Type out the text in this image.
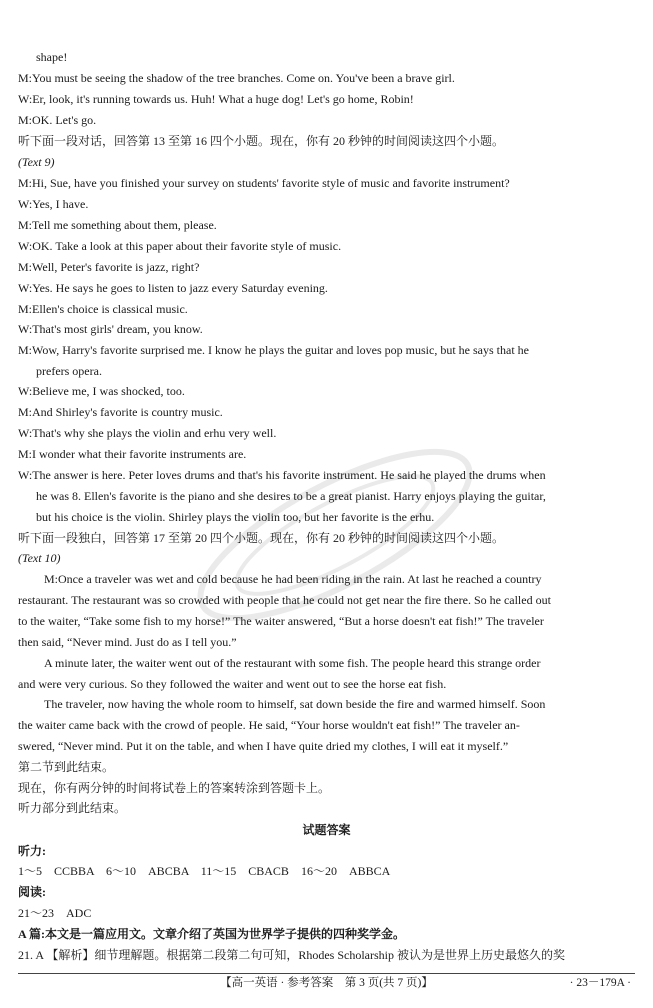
shape!
M:You must be seeing the shadow of the tree branches. Come on. You've been a brave girl.
W:Er, look, it's running towards us. Huh! What a huge dog! Let's go home, Robin!
M:OK. Let's go.
听下面一段对话，回答第 13 至第 16 四个小题。现在，你有 20 秒钟的时间阅读这四个小题。
(Text 9)
M:Hi, Sue, have you finished your survey on students' favorite style of music and favorite instrument?
W:Yes, I have.
M:Tell me something about them, please.
W:OK. Take a look at this paper about their favorite style of music.
M:Well, Peter's favorite is jazz, right?
W:Yes. He says he goes to listen to jazz every Saturday evening.
M:Ellen's choice is classical music.
W:That's most girls' dream, you know.
M:Wow, Harry's favorite surprised me. I know he plays the guitar and loves pop music, but he says that he
prefers opera.
W:Believe me, I was shocked, too.
M:And Shirley's favorite is country music.
W:That's why she plays the violin and erhu very well.
M:I wonder what their favorite instruments are.
W:The answer is here. Peter loves drums and that's his favorite instrument. He said he played the drums when
he was 8. Ellen's favorite is the piano and she desires to be a great pianist. Harry enjoys playing the guitar,
but his choice is the violin. Shirley plays the violin too, but her favorite is the erhu.
听下面一段独白，回答第 17 至第 20 四个小题。现在，你有 20 秒钟的时间阅读这四个小题。
(Text 10)
M:Once a traveler was wet and cold because he had been riding in the rain. At last he reached a country
restaurant. The restaurant was so crowded with people that he could not get near the fire there. So he called out
to the waiter, “Take some fish to my horse!” The waiter answered, “But a horse doesn't eat fish!” The traveler
then said, “Never mind. Just do as I tell you.”
A minute later, the waiter went out of the restaurant with some fish. The people heard this strange order
and were very curious. So they followed the waiter and went out to see the horse eat fish.
The traveler, now having the whole room to himself, sat down beside the fire and warmed himself. Soon
the waiter came back with the crowd of people. He said, “Your horse wouldn't eat fish!” The traveler an-
swered, “Never mind. Put it on the table, and when I have quite dried my clothes, I will eat it myself.”
第二节到此结束。
现在，你有两分钟的时间将试卷上的答案转涂到答题卡上。
听力部分到此结束。
试题答案
听力:
1～5　CCBBA　6～10　ABCBA　11～15　CBACB　16～20　ABBCA
阅读:
21～23　ADC
A 篇:本文是一篇应用文。文章介绍了英国为世界学子提供的四种奖学金。
21. A 【解析】细节理解题。根据第二段第二句可知，Rhodes Scholarship 被认为是世界上历史最悠久的奖
【高一英语 · 参考答案　第 3 页(共 7 页)】	· 23－179A ·
